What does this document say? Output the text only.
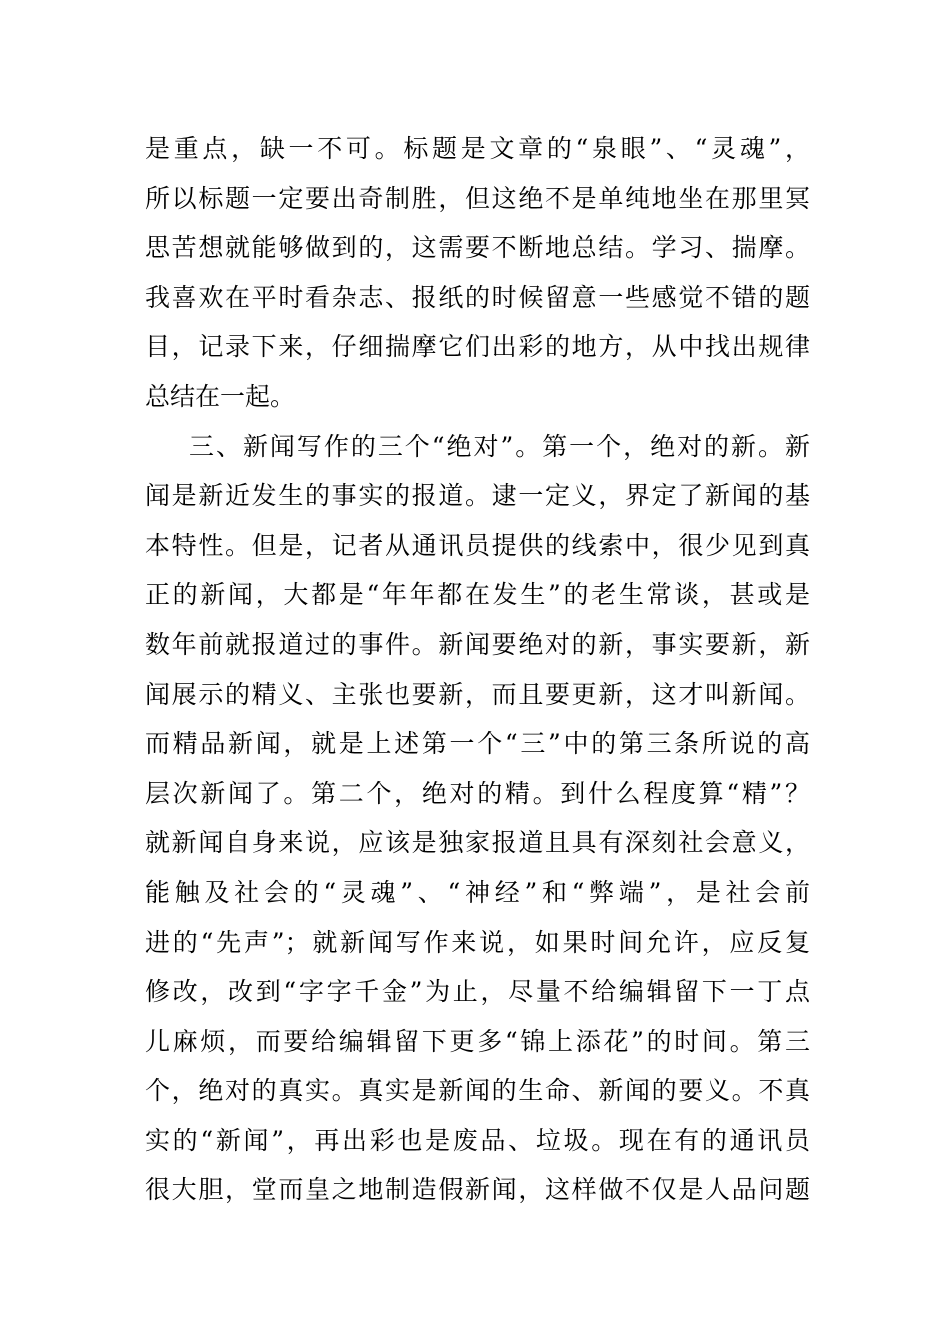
是重点，缺一不可。标题是文章的“泉眼”、“灵魂”，
所以标题一定要出奇制胜，但这绝不是单纯地坐在那里冥
思苦想就能够做到的，这需要不断地总结。学习、揣摩。
我喜欢在平时看杂志、报纸的时候留意一些感觉不错的题
目，记录下来，仔细揣摩它们出彩的地方，从中找出规律
总结在一起。
三、新闻写作的三个“绝对”。第一个，绝对的新。新
闻是新近发生的事实的报道。逮一定义，界定了新闻的基
本特性。但是，记者从通讯员提供的线索中，很少见到真
正的新闻，大都是“年年都在发生”的老生常谈，甚或是
数年前就报道过的事件。新闻要绝对的新，事实要新，新
闻展示的精义、主张也要新，而且要更新，这才叫新闻。
而精品新闻，就是上述第一个“三”中的第三条所说的高
层次新闻了。第二个，绝对的精。到什么程度算“精”？
就新闻自身来说，应该是独家报道且具有深刻社会意义，
能触及社会的“灵魂”、“神经”和“弊端”，是社会前
进的“先声”；就新闻写作来说，如果时间允许，应反复
修改，改到“字字千金”为止，尽量不给编辑留下一丁点
儿麻烦，而要给编辑留下更多“锦上添花”的时间。第三
个，绝对的真实。真实是新闻的生命、新闻的要义。不真
实的“新闻”，再出彩也是废品、垃圾。现在有的通讯员
很大胆，堂而皇之地制造假新闻，这样做不仅是人品问题
